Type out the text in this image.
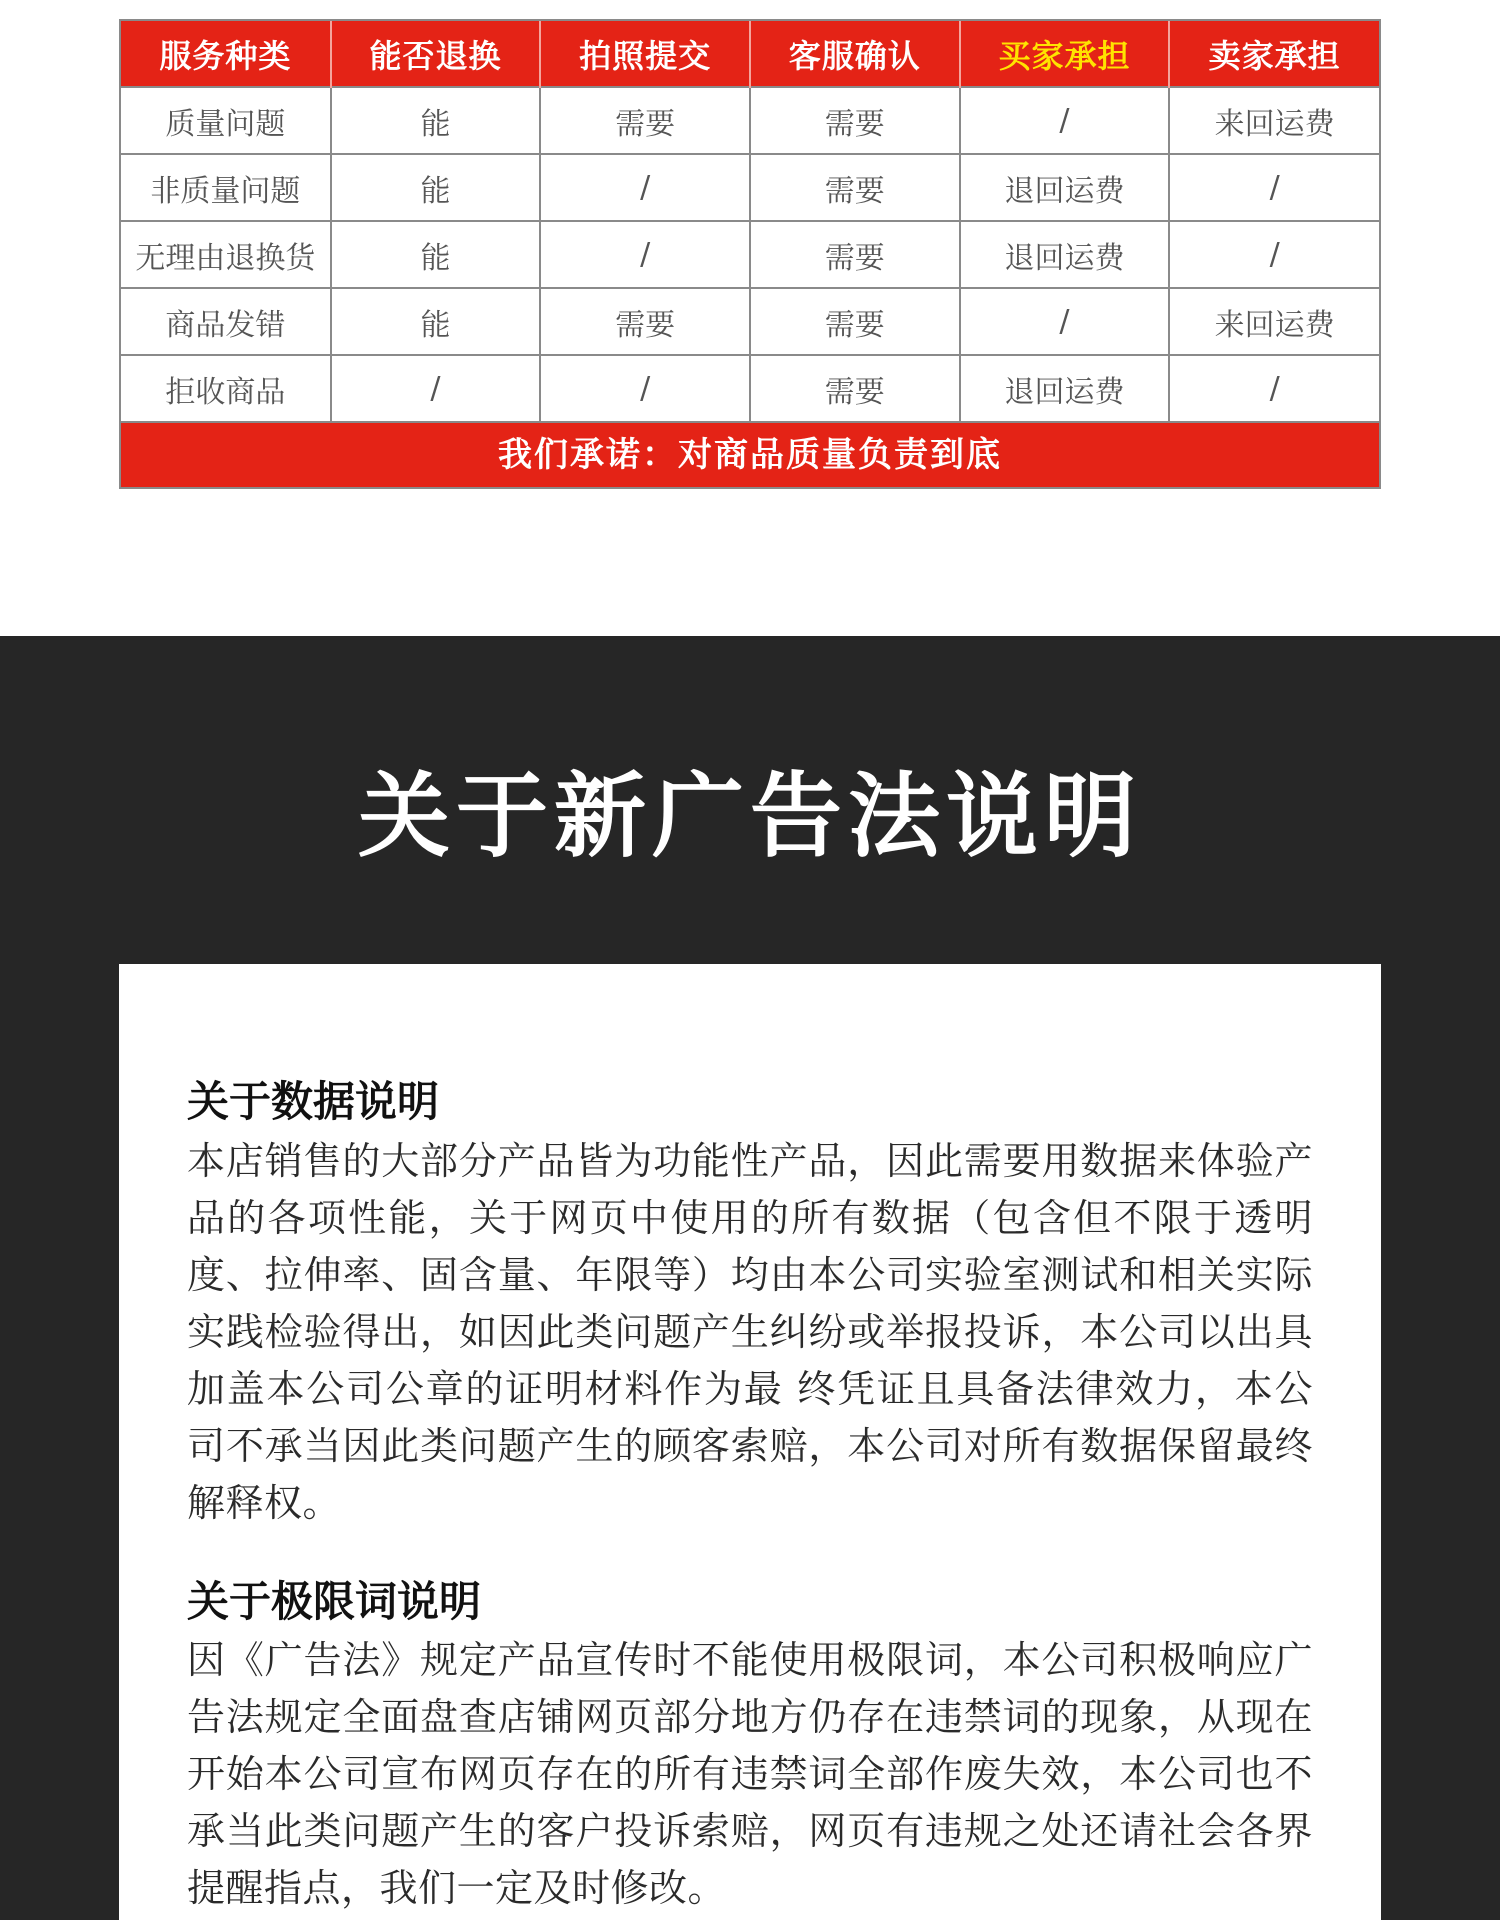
服务种类	能否退换	拍照提交	客服确认	买家承担	卖家承担
质量问题	能	需要	需要	/	来回运费
非质量问题	能	/	需要	退回运费	/
无理由退换货	能	/	需要	退回运费	/
商品发错	能	需要	需要	/	来回运费
拒收商品	/	/	需要	退回运费	/
我们承诺：对商品质量负责到底
关于新广告法说明
关于数据说明

本店销售的大部分产品皆为功能性产品，因此需要用数据来体验产品的各项性能，关于网页中使用的所有数据（包含但不限于透明度、拉伸率、固含量、年限等）均由本公司实验室测试和相关实际实践检验得出，如因此类问题产生纠纷或举报投诉，本公司以出具加盖本公司公章的证明材料作为最 终凭证且具备法律效力，本公司不承当因此类问题产生的顾客索赔，本公司对所有数据保留最终解释权。

关于极限词说明

因《广告法》规定产品宣传时不能使用极限词，本公司积极响应广告法规定全面盘查店铺网页部分地方仍存在违禁词的现象，从现在开始本公司宣布网页存在的所有违禁词全部作废失效，本公司也不承当此类问题产生的客户投诉索赔，网页有违规之处还请社会各界提醒指点，我们一定及时修改。
